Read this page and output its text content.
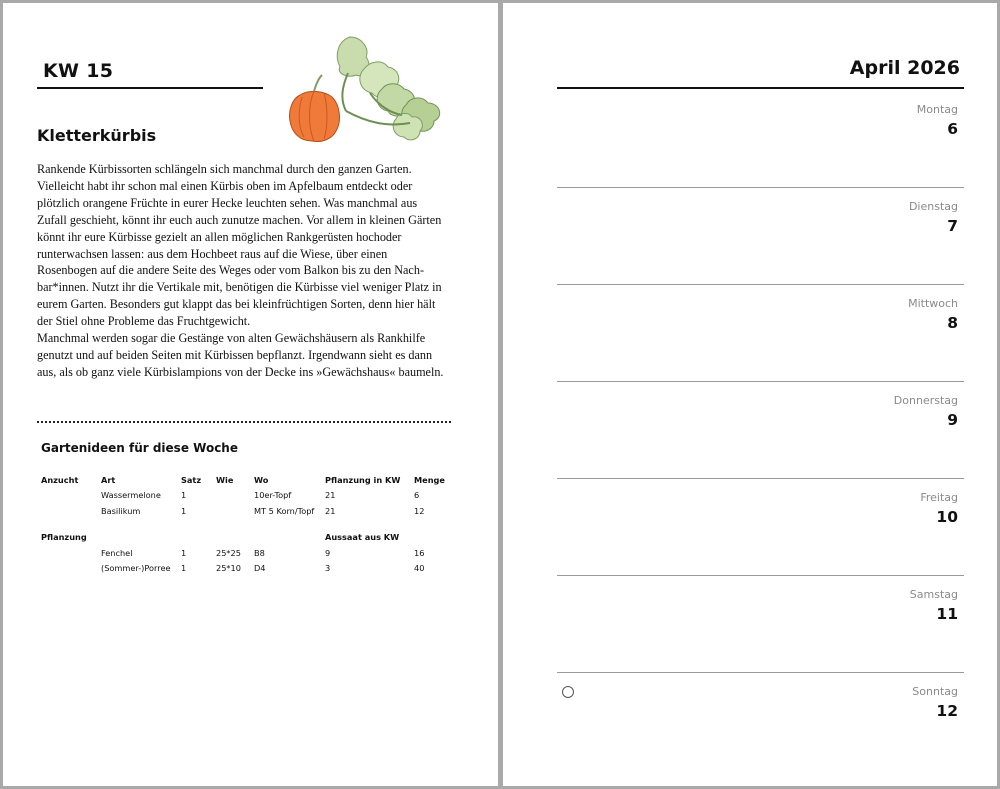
KW 15
Kletterkürbis

Rankende Kürbissorten schlängeln sich manchmal durch den ganzen Garten. Vielleicht habt ihr schon mal einen Kürbis oben im Apfelbaum entdeckt oder plötzlich orangene Früchte in eurer Hecke leuchten sehen. Was manchmal aus Zufall geschieht, könnt ihr euch auch zunutze machen. Vor allem in kleinen Gärten könnt ihr eure Kürbisse gezielt an allen möglichen Rankgerüsten hochoder runterwachsen lassen: aus dem Hochbeet raus auf die Wiese, über einen Rosenbogen auf die andere Seite des Weges oder vom Balkon bis zu den Nachbar*innen. Nutzt ihr die Vertikale mit, benötigen die Kürbisse viel weniger Platz in eurem Garten. Besonders gut klappt das bei kleinfrüchtigen Sorten, denn hier hält der Stiel ohne Probleme das Fruchtgewicht.

Manchmal werden sogar die Gestänge von alten Gewächshäusern als Rankhilfe genutzt und auf beiden Seiten mit Kürbissen bepflanzt. Irgendwann sieht es dann aus, als ob ganz viele Kürbislampions von der Decke ins »Gewächshaus« baumeln.

Gartenideen für diese Woche
Anzucht	Art	Satz	Wie	Wo	Pflanzung in KW	Menge
	Wassermelone	1		10er-Topf	21	6
	Basilikum	1		MT 5 Korn/Topf	21	12

Pflanzung					Aussaat aus KW	
	Fenchel	1	25*25	B8	9	16
	(Sommer-)Porree	1	25*10	D4	3	40
April 2026
Montag
6
Dienstag
7
Mittwoch
8
Donnerstag
9
Freitag
10
Samstag
11
Sonntag
12
